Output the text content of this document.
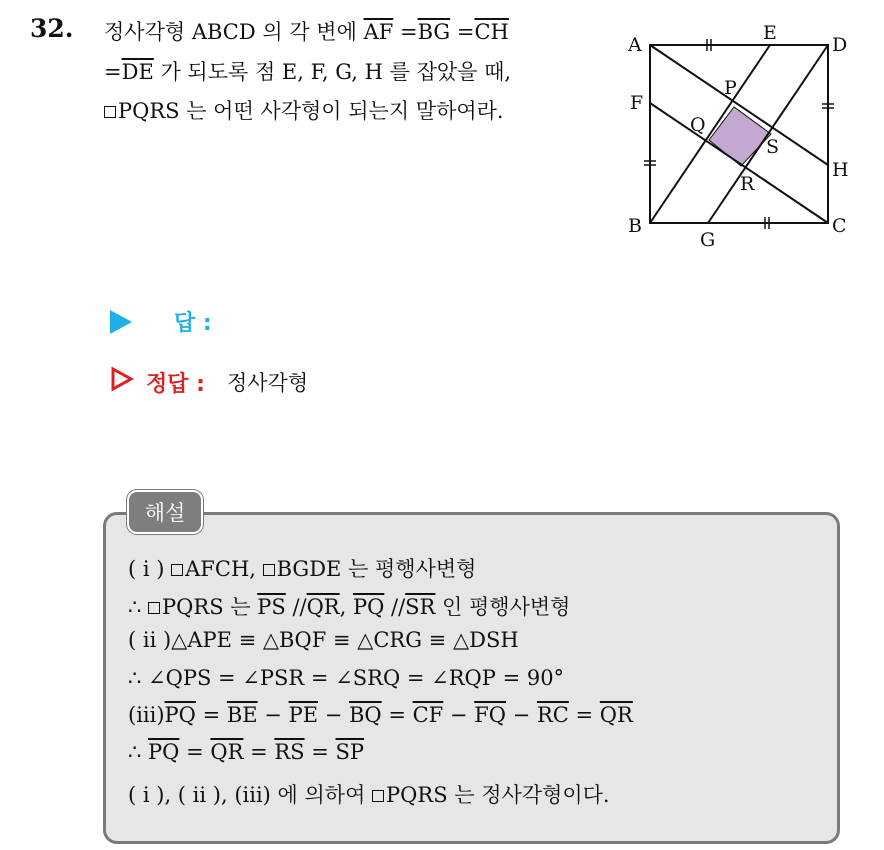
32. 정사각형 ABCD 의 각 변에 $\overline{AF} =\overline{BG} =\overline{CH}$
$=\overline{DE}$ 가 되도록 점 E, F, G, H 를 잡았을 때,
PQRS 는 어떤 사각형이 되는지 말하여라.
A	D
B	C
E
F
G
H
P
Q
R
S
답 :
정답 : 정사각형
해설
( i ) AFCH, BGDE 는 평행사변형
∴ PQRS 는 $\overline{PS}$ $//\overline{QR}$, $\overline{PQ}$ $//\overline{SR}$ 인 평행사변형
( ii )△APE ≡ △BQF ≡ △CRG ≡ △DSH
∴ ∠QPS = ∠PSR = ∠SRQ = ∠RQP = 90°
$(iii)\overline{PQ} = \overline{BE} - \overline{PE} - \overline{BQ} = \overline{CF} - \overline{FQ} - \overline{RC} = \overline{QR}$
∴ $\overline{PQ} = \overline{QR} = \overline{RS} = \overline{SP}$
( i ), ( ii ), (iii) 에 의하여 PQRS 는 정사각형이다.
